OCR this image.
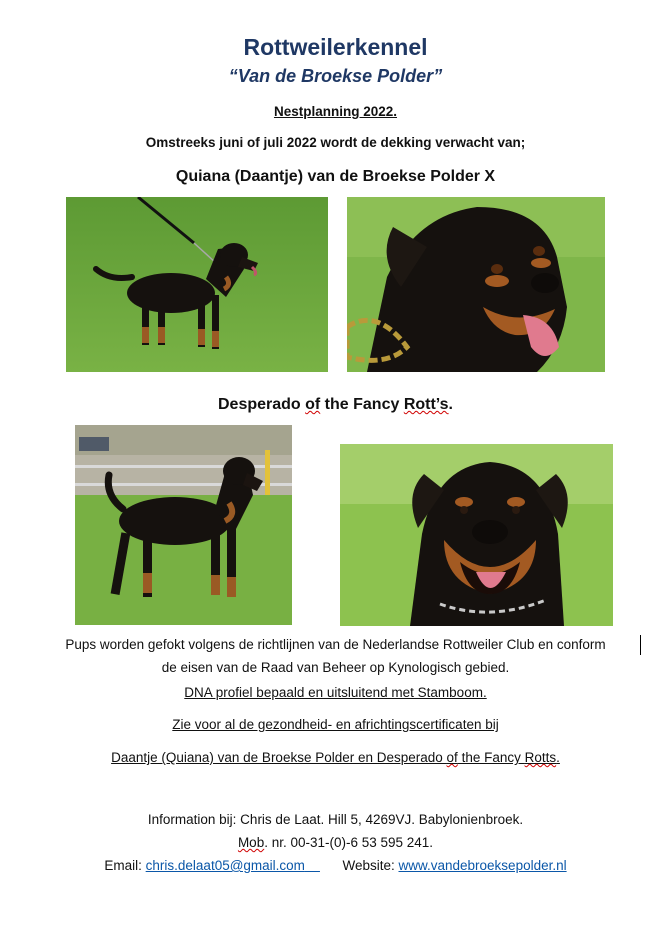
Rottweilerkennel
“Van de Broekse Polder”
Nestplanning 2022.
Omstreeks juni of juli 2022 wordt de dekking verwacht van;
Quiana (Daantje) van de Broekse Polder X
Desperado of the Fancy Rott’s.
Pups worden gefokt volgens de richtlijnen van de Nederlandse Rottweiler Club en conform
de eisen van de Raad van Beheer op Kynologisch gebied.
DNA profiel bepaald en uitsluitend met Stamboom.
Zie voor al de gezondheid- en africhtingscertificaten bij
Daantje (Quiana) van de Broekse Polder en Desperado of the Fancy Rotts.
Information bij: Chris de Laat. Hill 5, 4269VJ. Babylonienbroek.
Mob. nr. 00-31-(0)-6 53 595 241.
Email: chris.delaat05@gmail.com	Website: www.vandebroeksepolder.nl
